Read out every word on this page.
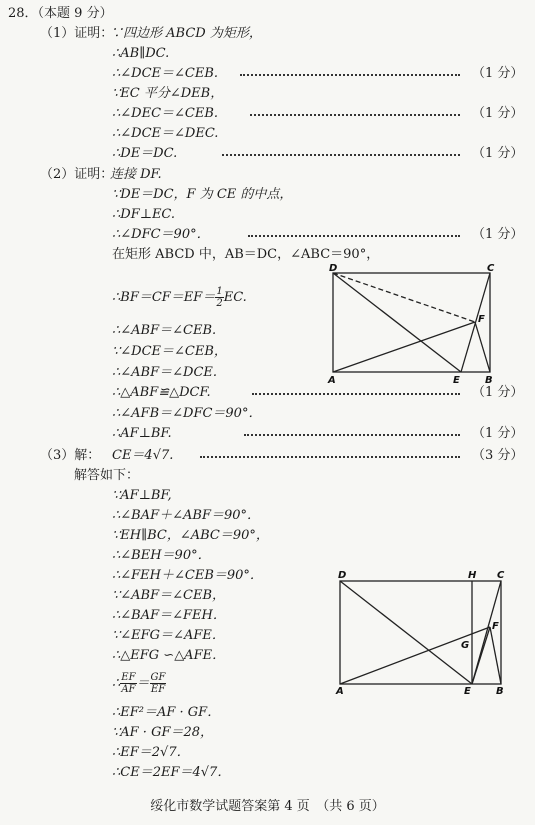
28．（本题 9 分）
（1）证明：
∵四边形 ABCD 为矩形，
∴AB∥DC.
∴∠DCE＝∠CEB.	（1 分）
∵EC 平分∠DEB，
∴∠DEC＝∠CEB.	（1 分）
∴∠DCE＝∠DEC.
∴DE＝DC.	（1 分）
（2）证明：
连接 DF.
∵DE＝DC，F 为 CE 的中点，
∴DF⊥EC.
∴∠DFC＝90°．	（1 分）
在矩形 ABCD 中，AB＝DC，∠ABC＝90°，
∴BF＝CF＝EF＝ $\frac{1}{2}$ EC.
∴∠ABF＝∠CEB.
∵∠DCE＝∠CEB，
∴∠ABF＝∠DCE.
∴△ABF≌△DCF.	（1 分）
∴∠AFB＝∠DFC＝90°．
∴AF⊥BF.	（1 分）
D	C
A	E	B
F
（3）解： CE＝4√7.	（3 分）
解答如下：
∵AF⊥BF,
∴∠BAF＋∠ABF＝90°．
∵EH∥BC，∠ABC＝90°，
∴∠BEH＝90°．
∴∠FEH＋∠CEB＝90°．
∵∠ABF＝∠CEB，
∴∠BAF＝∠FEH．
∵∠EFG＝∠AFE．
∴△EFG ∽△AFE．
∴ $\frac{EF}{AF} = \frac{GF}{EF}$
∴EF²＝AF · GF．
∵AF · GF＝28，
∴EF＝2√7．
∴CE＝2EF＝4√7．
D	H C
A	E	B
F
G
绥化市数学试题答案第 4 页　（共 6 页）
